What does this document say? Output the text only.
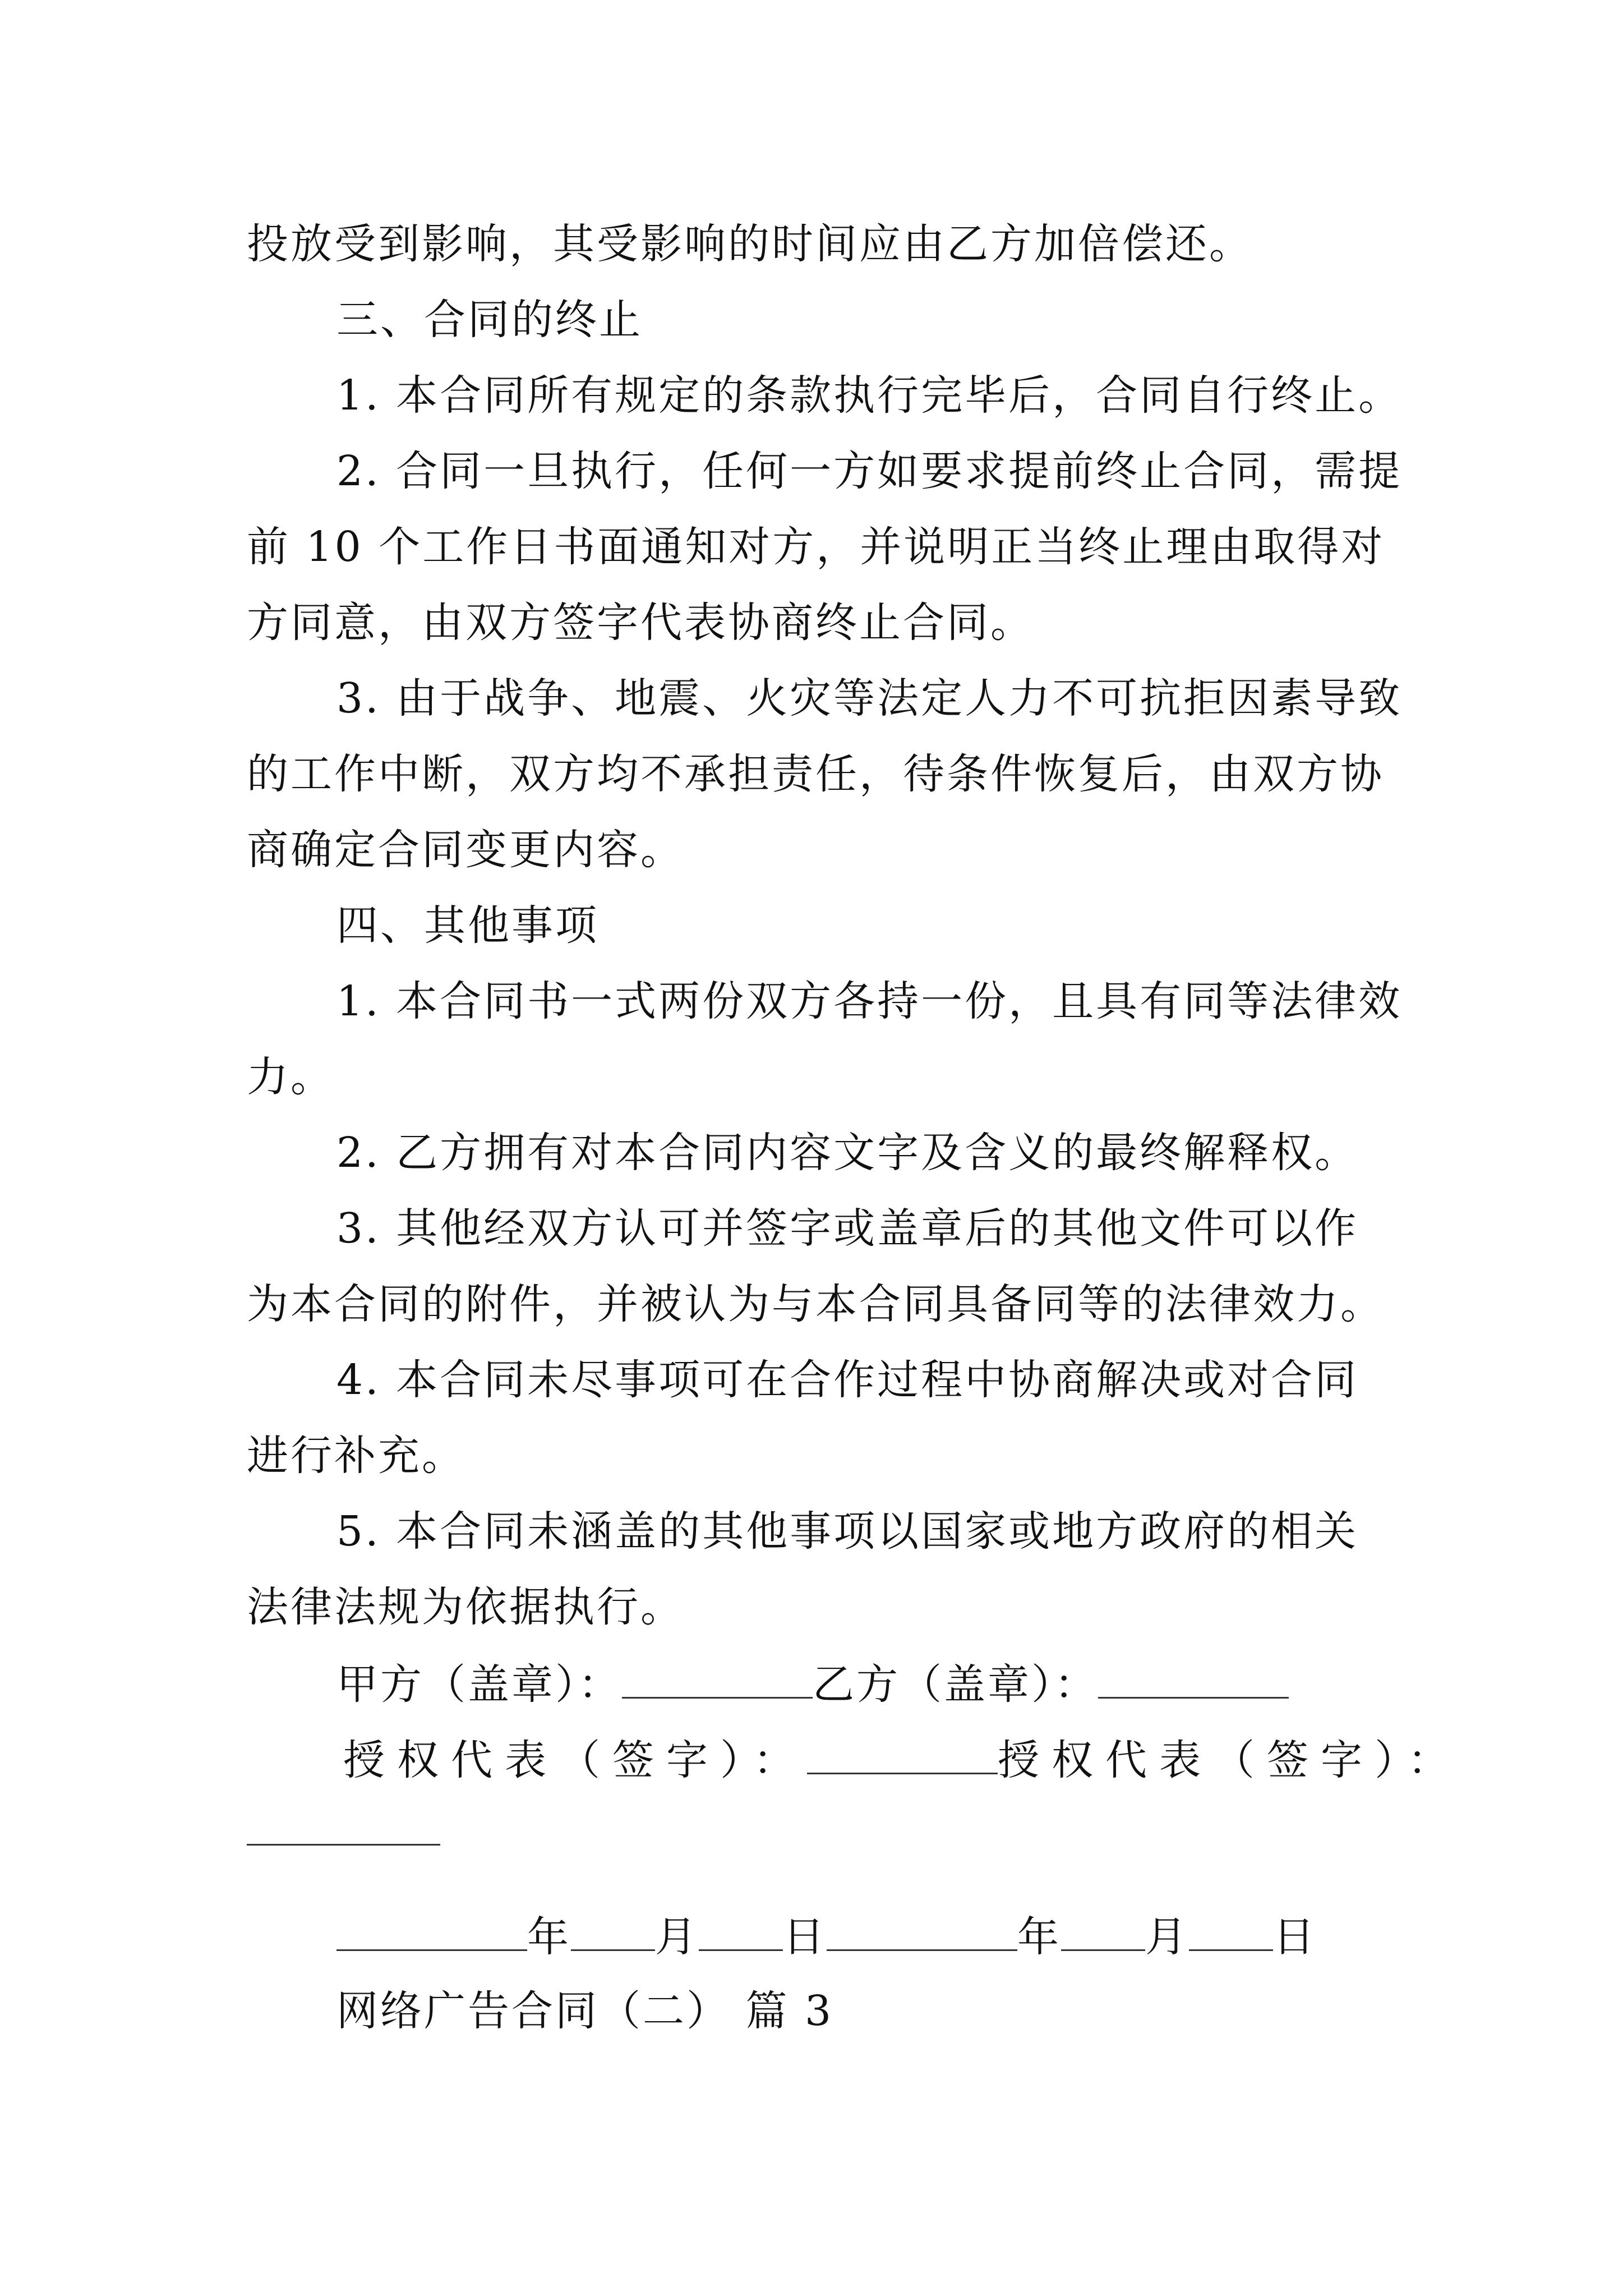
投放受到影响，其受影响的时间应由乙方加倍偿还。
三、合同的终止
1. 本合同所有规定的条款执行完毕后，合同自行终止。
2. 合同一旦执行，任何一方如要求提前终止合同，需提
前 10 个工作日书面通知对方，并说明正当终止理由取得对
方同意，由双方签字代表协商终止合同。
3. 由于战争、地震、火灾等法定人力不可抗拒因素导致
的工作中断，双方均不承担责任，待条件恢复后，由双方协
商确定合同变更内容。
四、其他事项
1. 本合同书一式两份双方各持一份，且具有同等法律效
力。
2. 乙方拥有对本合同内容文字及含义的最终解释权。
3. 其他经双方认可并签字或盖章后的其他文件可以作
为本合同的附件，并被认为与本合同具备同等的法律效力。
4. 本合同未尽事项可在合作过程中协商解决或对合同
进行补充。
5. 本合同未涵盖的其他事项以国家或地方政府的相关
法律法规为依据执行。
甲方（盖章）：	乙方（盖章）：
授权代表（签字）：	授权代表（签字）：
年 月 日	年 月 日
网络广告合同（二） 篇 3
